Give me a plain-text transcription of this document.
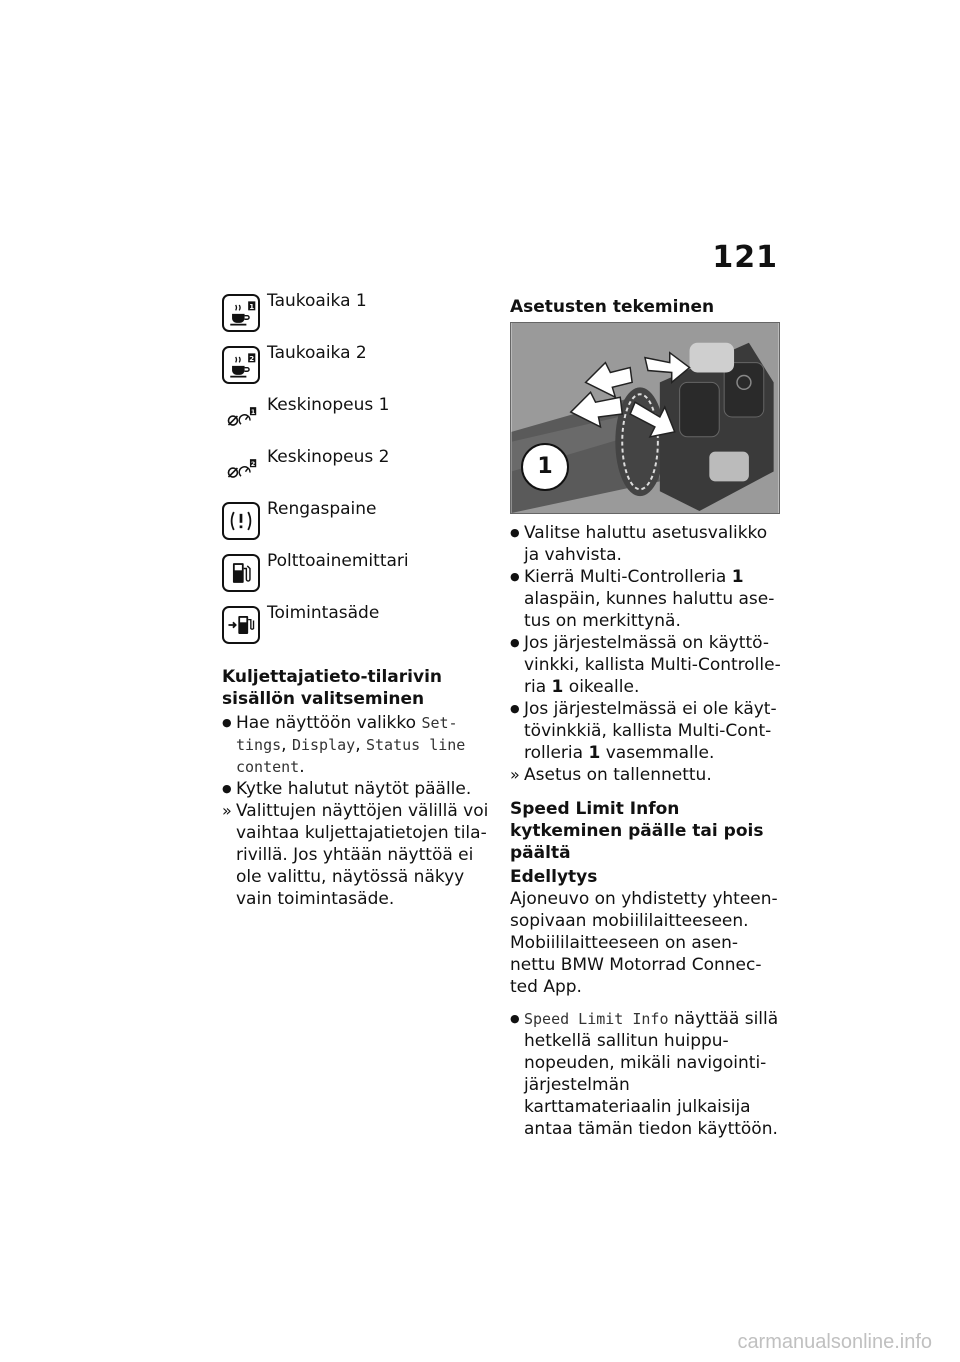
121
1 Taukoaika 1
2 Taukoaika 2
1 Keskinopeus 1
2 Keskinopeus 2
Rengaspaine
Polttoainemittari
Toimintasäde
Kuljettajatieto-tilarivin sisällön valitseminen
● Hae näyttöön valikko Set-tings, Display, Status line content.
● Kytke halutut näytöt päälle.
» Valittujen näyttöjen välillä voi vaihtaa kuljettajatietojen tila-rivillä. Jos yhtään näyttöä ei ole valittu, näytössä näkyy vain toimintasäde.
Asetusten tekeminen
1
● Valitse haluttu asetusvalikko ja vahvista.
● Kierrä Multi-Controlleria 1 alaspäin, kunnes haluttu ase-tus on merkittynä.
● Jos järjestelmässä on käyttö-vinkki, kallista Multi-Controlle-ria 1 oikealle.
● Jos järjestelmässä ei ole käyt-tövinkkiä, kallista Multi-Cont-rolleria 1 vasemmalle.
» Asetus on tallennettu.
Speed Limit Infon kytkeminen päälle tai pois päältä
Edellytys

Ajoneuvo on yhdistetty yhteen-sopivaan mobiililaitteeseen. Mobiililaitteeseen on asen-nettu BMW Motorrad Connec-ted App.

● Speed Limit Info näyttää sillä hetkellä sallitun huippu-nopeuden, mikäli navigointi-järjestelmän karttamateriaalin julkaisija antaa tämän tiedon käyttöön.
carmanualsonline.info
